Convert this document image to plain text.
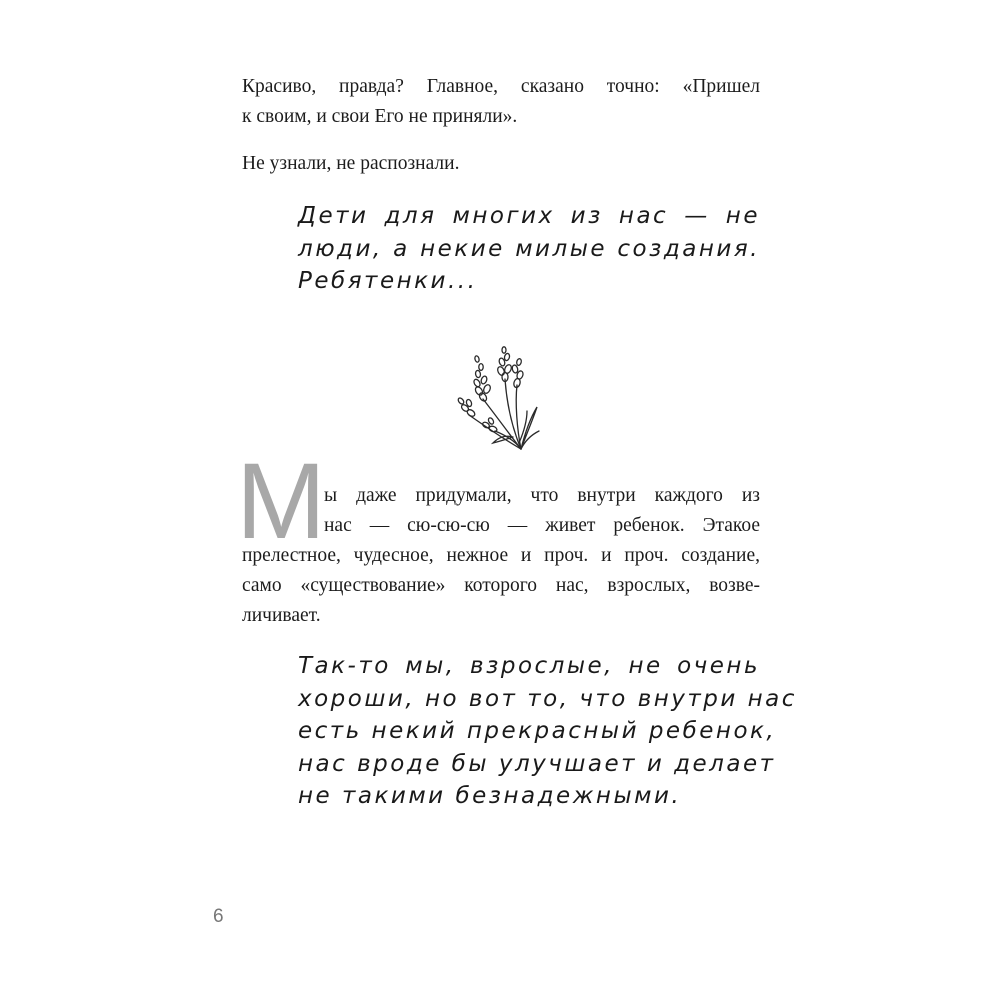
Красиво, правда? Главное, сказано точно: «Пришел

к своим, и свои Его не приняли».

Не узнали, не распознали.

Дети для многих из нас — не
люди, а некие милые создания.
Ребятенки...
М

ы даже придумали, что внутри каждого из

нас — сю-сю-сю — живет ребенок. Этакое

прелестное, чудесное, нежное и проч. и проч. создание,

само «существование» которого нас, взрослых, возве-

личивает.

Так-то мы, взрослые, не очень
хороши, но вот то, что внутри нас
есть некий прекрасный ребенок,
нас вроде бы улучшает и делает
не такими безнадежными.
6
